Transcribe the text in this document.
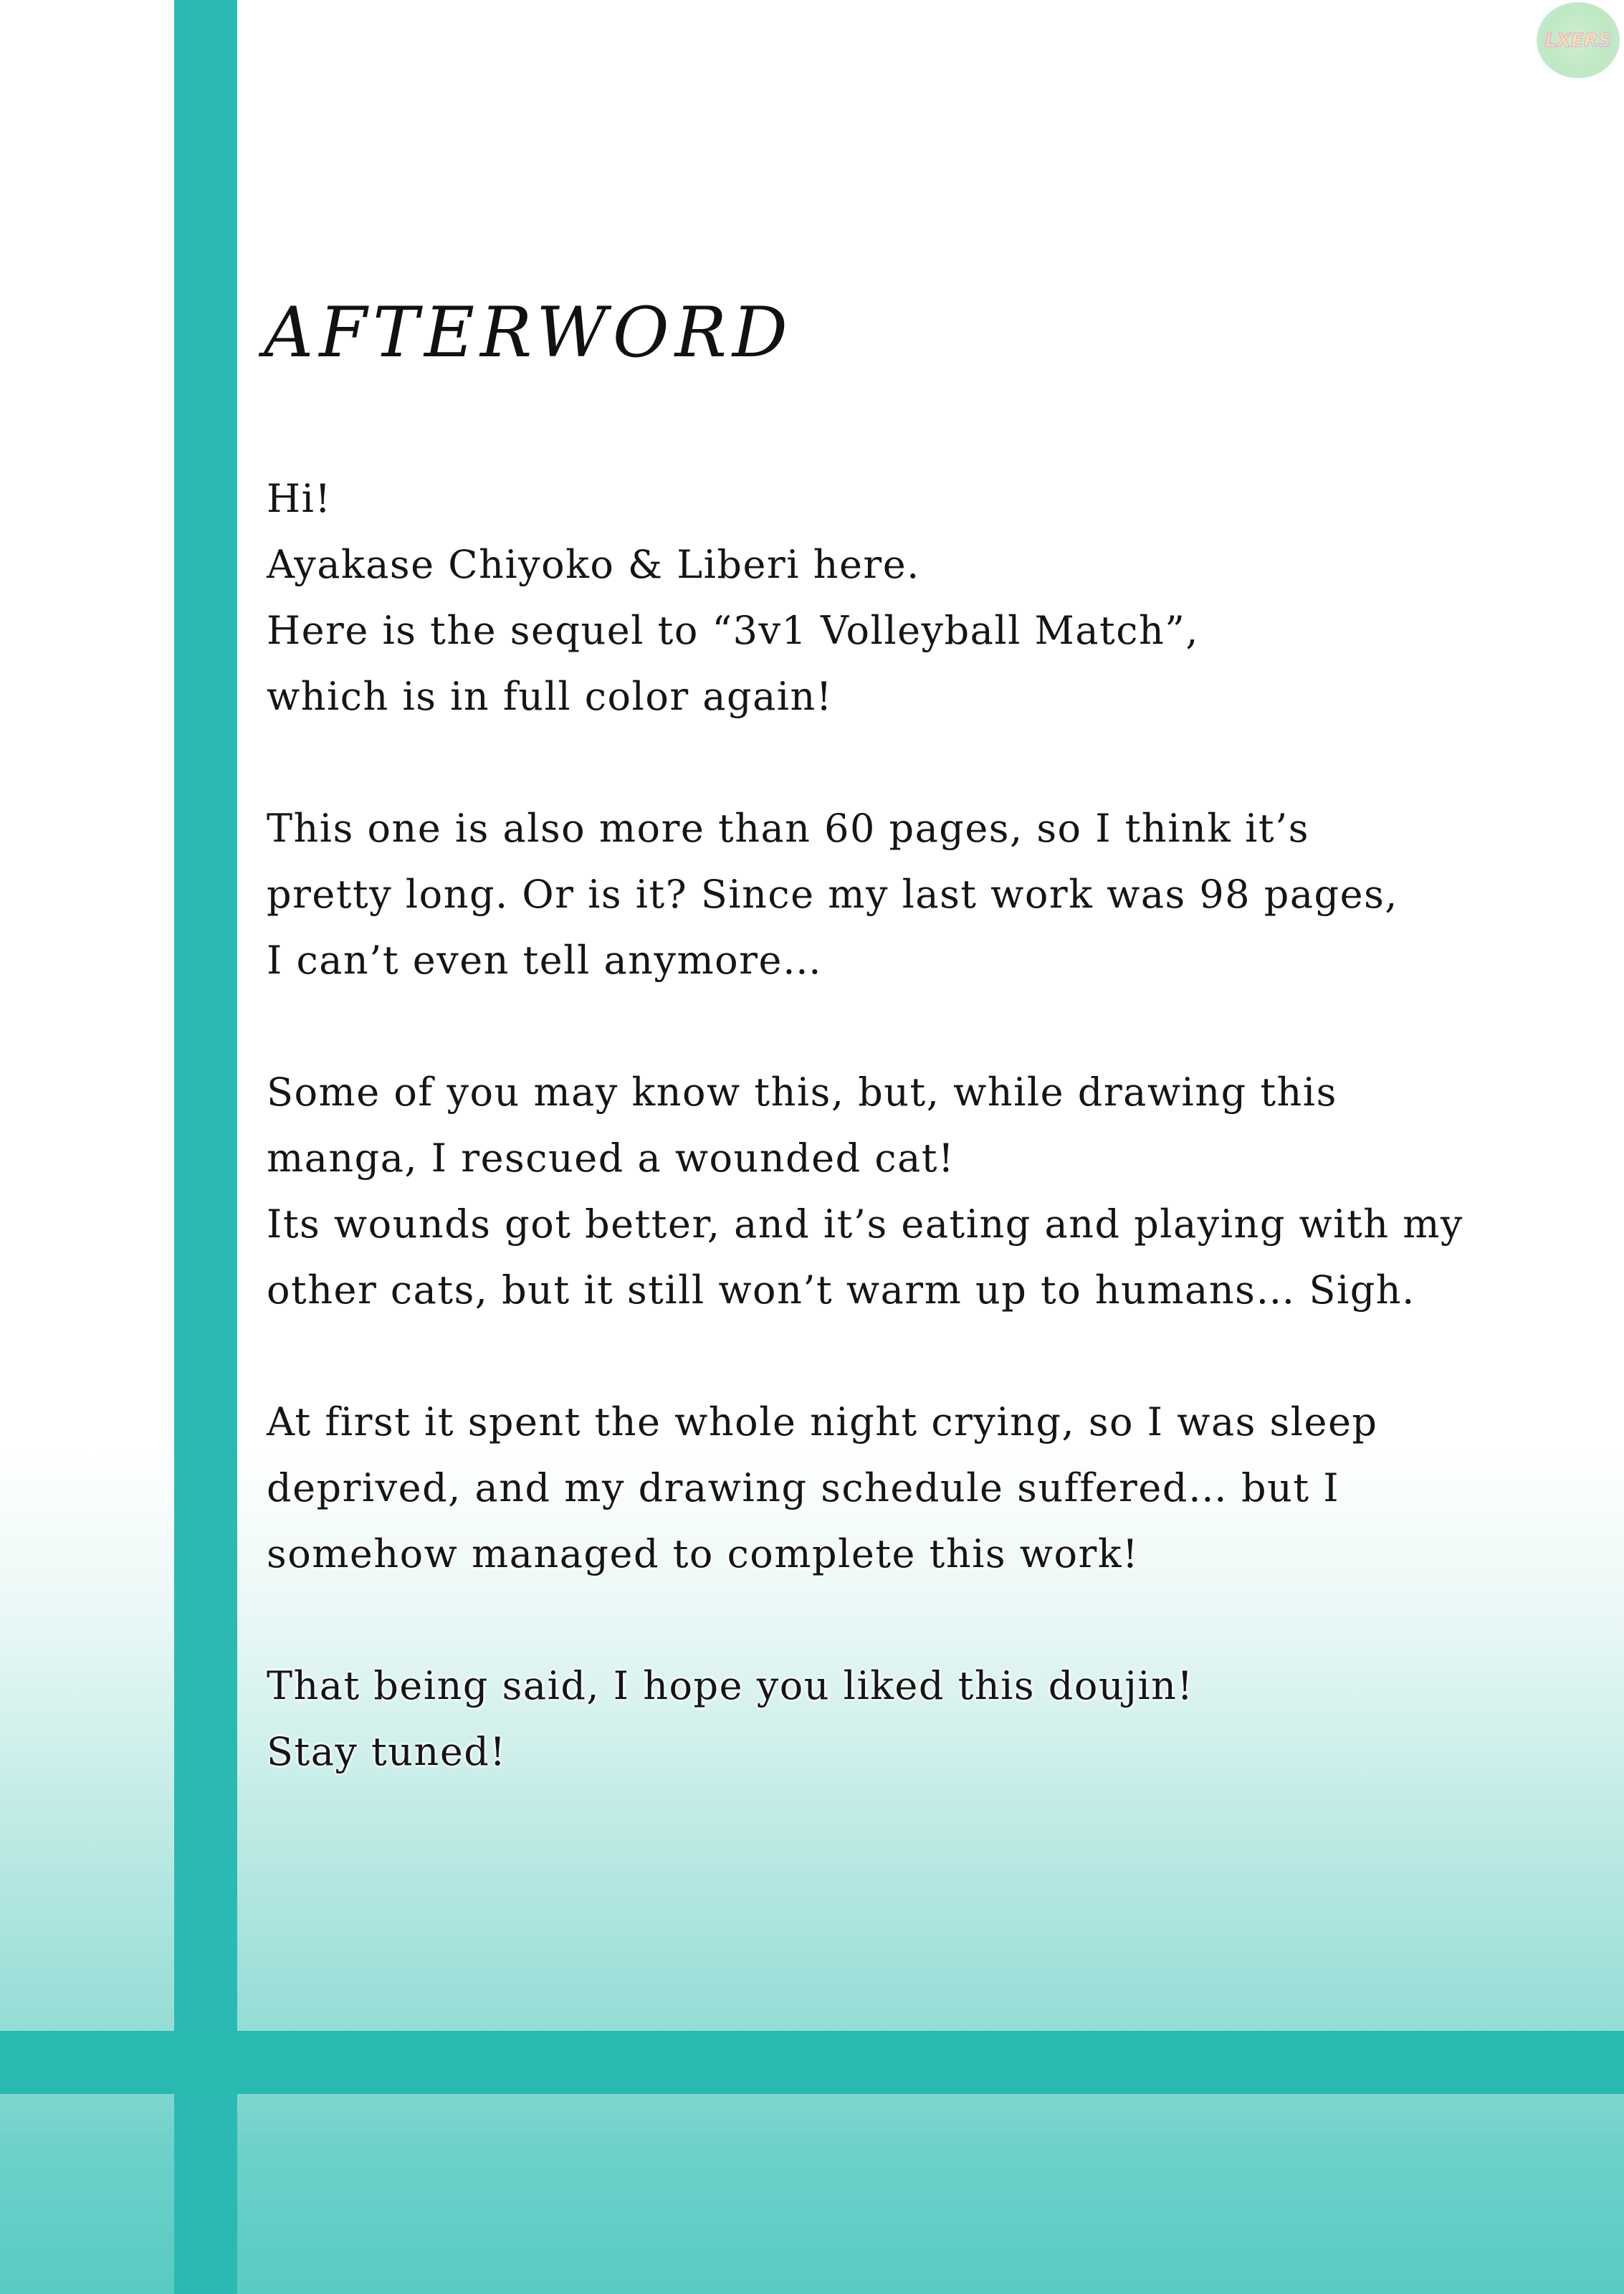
AFTERWORD
Hi!
Ayakase Chiyoko & Liberi here.
Here is the sequel to “3v1 Volleyball Match”,
which is in full color again!
This one is also more than 60 pages, so I think it’s
pretty long. Or is it? Since my last work was 98 pages,
I can’t even tell anymore…
Some of you may know this, but, while drawing this
manga, I rescued a wounded cat!
Its wounds got better, and it’s eating and playing with my
other cats, but it still won’t warm up to humans… Sigh.
At first it spent the whole night crying, so I was sleep
deprived, and my drawing schedule suffered… but I
somehow managed to complete this work!
That being said, I hope you liked this doujin!
Stay tuned!
LXERS
